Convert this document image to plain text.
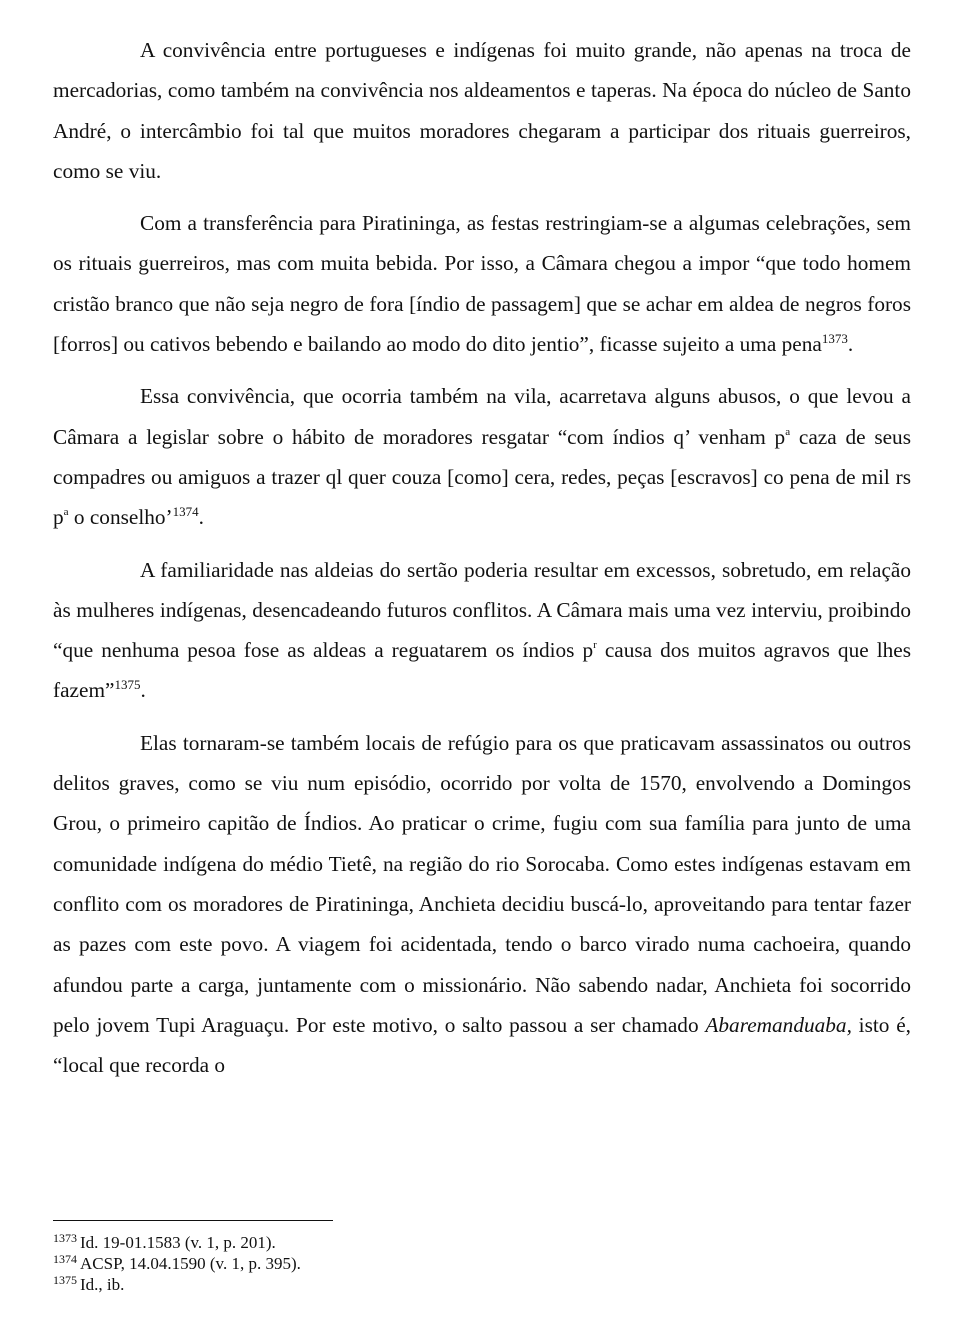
A convivência entre portugueses e indígenas foi muito grande, não apenas na troca de mercadorias, como também na convivência nos aldeamentos e taperas. Na época do núcleo de Santo André, o intercâmbio foi tal que muitos moradores chegaram a participar dos rituais guerreiros, como se viu.

Com a transferência para Piratininga, as festas restringiam-se a algumas celebrações, sem os rituais guerreiros, mas com muita bebida. Por isso, a Câmara chegou a impor “que todo homem cristão branco que não seja negro de fora [índio de passagem] que se achar em aldea de negros foros [forros] ou cativos bebendo e bailando ao modo do dito jentio”, ficasse sujeito a uma pena$^{1373}$.

Essa convivência, que ocorria também na vila, acarretava alguns abusos, o que levou a Câmara a legislar sobre o hábito de moradores resgatar “com índios q’ venham $p^a$ caza de seus compadres ou amiguos a trazer ql quer couza [como] cera, redes, peças [escravos] co pena de mil rs $p^a$ o conselho’$^{1374}$.

A familiaridade nas aldeias do sertão poderia resultar em excessos, sobretudo, em relação às mulheres indígenas, desencadeando futuros conflitos. A Câmara mais uma vez interviu, proibindo “que nenhuma pesoa fose as aldeas a reguatarem os índios $p^r$ causa dos muitos agravos que lhes fazem”$^{1375}$.

Elas tornaram-se também locais de refúgio para os que praticavam assassinatos ou outros delitos graves, como se viu num episódio, ocorrido por volta de 1570, envolvendo a Domingos Grou, o primeiro capitão de Índios. Ao praticar o crime, fugiu com sua família para junto de uma comunidade indígena do médio Tietê, na região do rio Sorocaba. Como estes indígenas estavam em conflito com os moradores de Piratininga, Anchieta decidiu buscá-lo, aproveitando para tentar fazer as pazes com este povo. A viagem foi acidentada, tendo o barco virado numa cachoeira, quando afundou parte a carga, juntamente com o missionário. Não sabendo nadar, Anchieta foi socorrido pelo jovem Tupi Araguaçu. Por este motivo, o salto passou a ser chamado Abaremanduaba, isto é, “local que recorda o

$^{1373}$ Id. 19-01.1583 (v. 1, p. 201).

$^{1374}$ ACSP, 14.04.1590 (v. 1, p. 395).

$^{1375}$ Id., ib.
